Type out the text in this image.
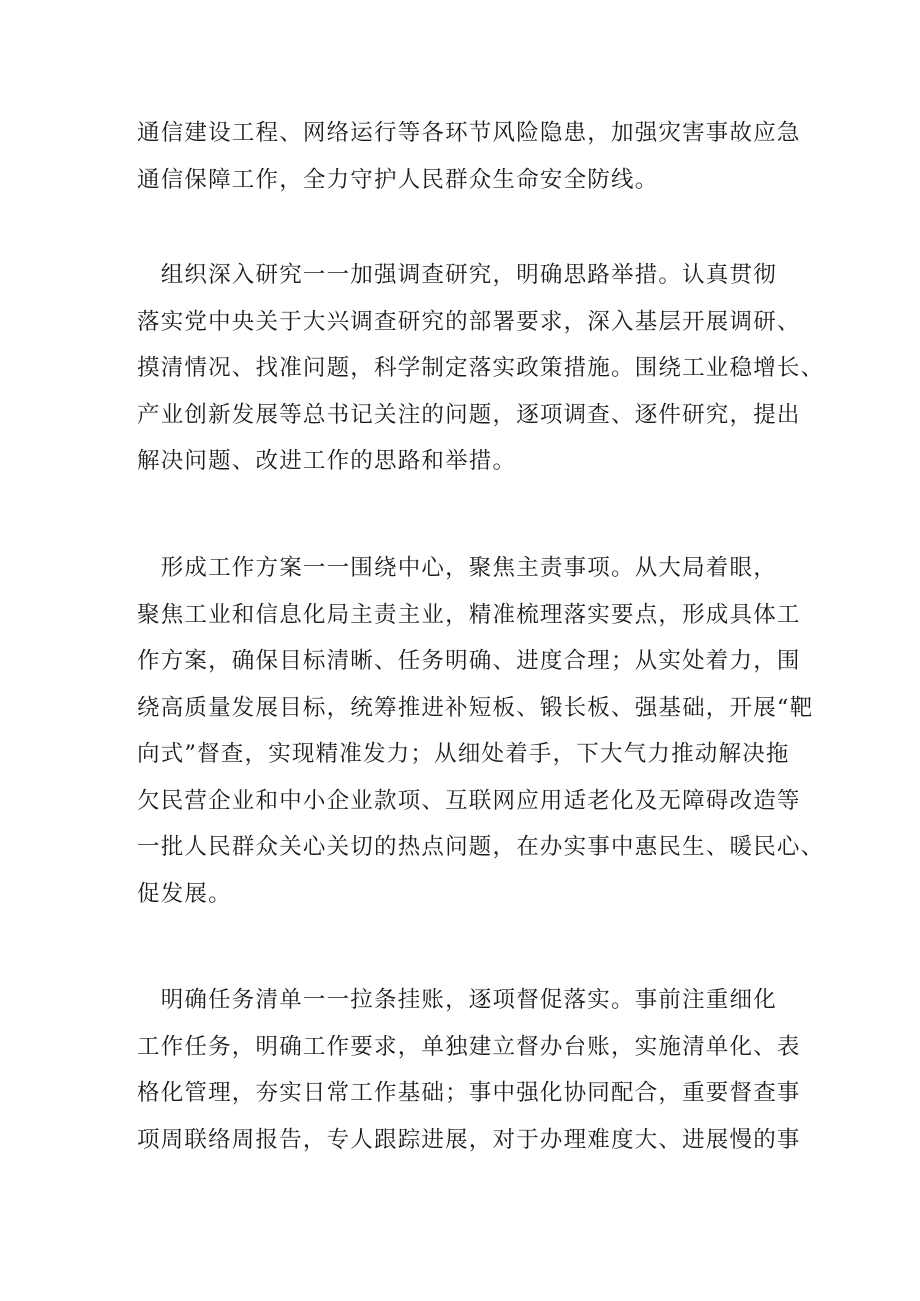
通信建设工程、网络运行等各环节风险隐患，加强灾害事故应急
通信保障工作，全力守护人民群众生命安全防线。
　组织深入研究一一加强调查研究，明确思路举措。认真贯彻
落实党中央关于大兴调查研究的部署要求，深入基层开展调研、
摸清情况、找准问题，科学制定落实政策措施。围绕工业稳增长、
产业创新发展等总书记关注的问题，逐项调查、逐件研究，提出
解决问题、改进工作的思路和举措。
　形成工作方案一一围绕中心，聚焦主责事项。从大局着眼，
聚焦工业和信息化局主责主业，精准梳理落实要点，形成具体工
作方案，确保目标清晰、任务明确、进度合理；从实处着力，围
绕高质量发展目标，统筹推进补短板、锻长板、强基础，开展“靶
向式”督查，实现精准发力；从细处着手，下大气力推动解决拖
欠民营企业和中小企业款项、互联网应用适老化及无障碍改造等
一批人民群众关心关切的热点问题，在办实事中惠民生、暖民心、
促发展。
　明确任务清单一一拉条挂账，逐项督促落实。事前注重细化
工作任务，明确工作要求，单独建立督办台账，实施清单化、表
格化管理，夯实日常工作基础；事中强化协同配合，重要督查事
项周联络周报告，专人跟踪进展，对于办理难度大、进展慢的事
